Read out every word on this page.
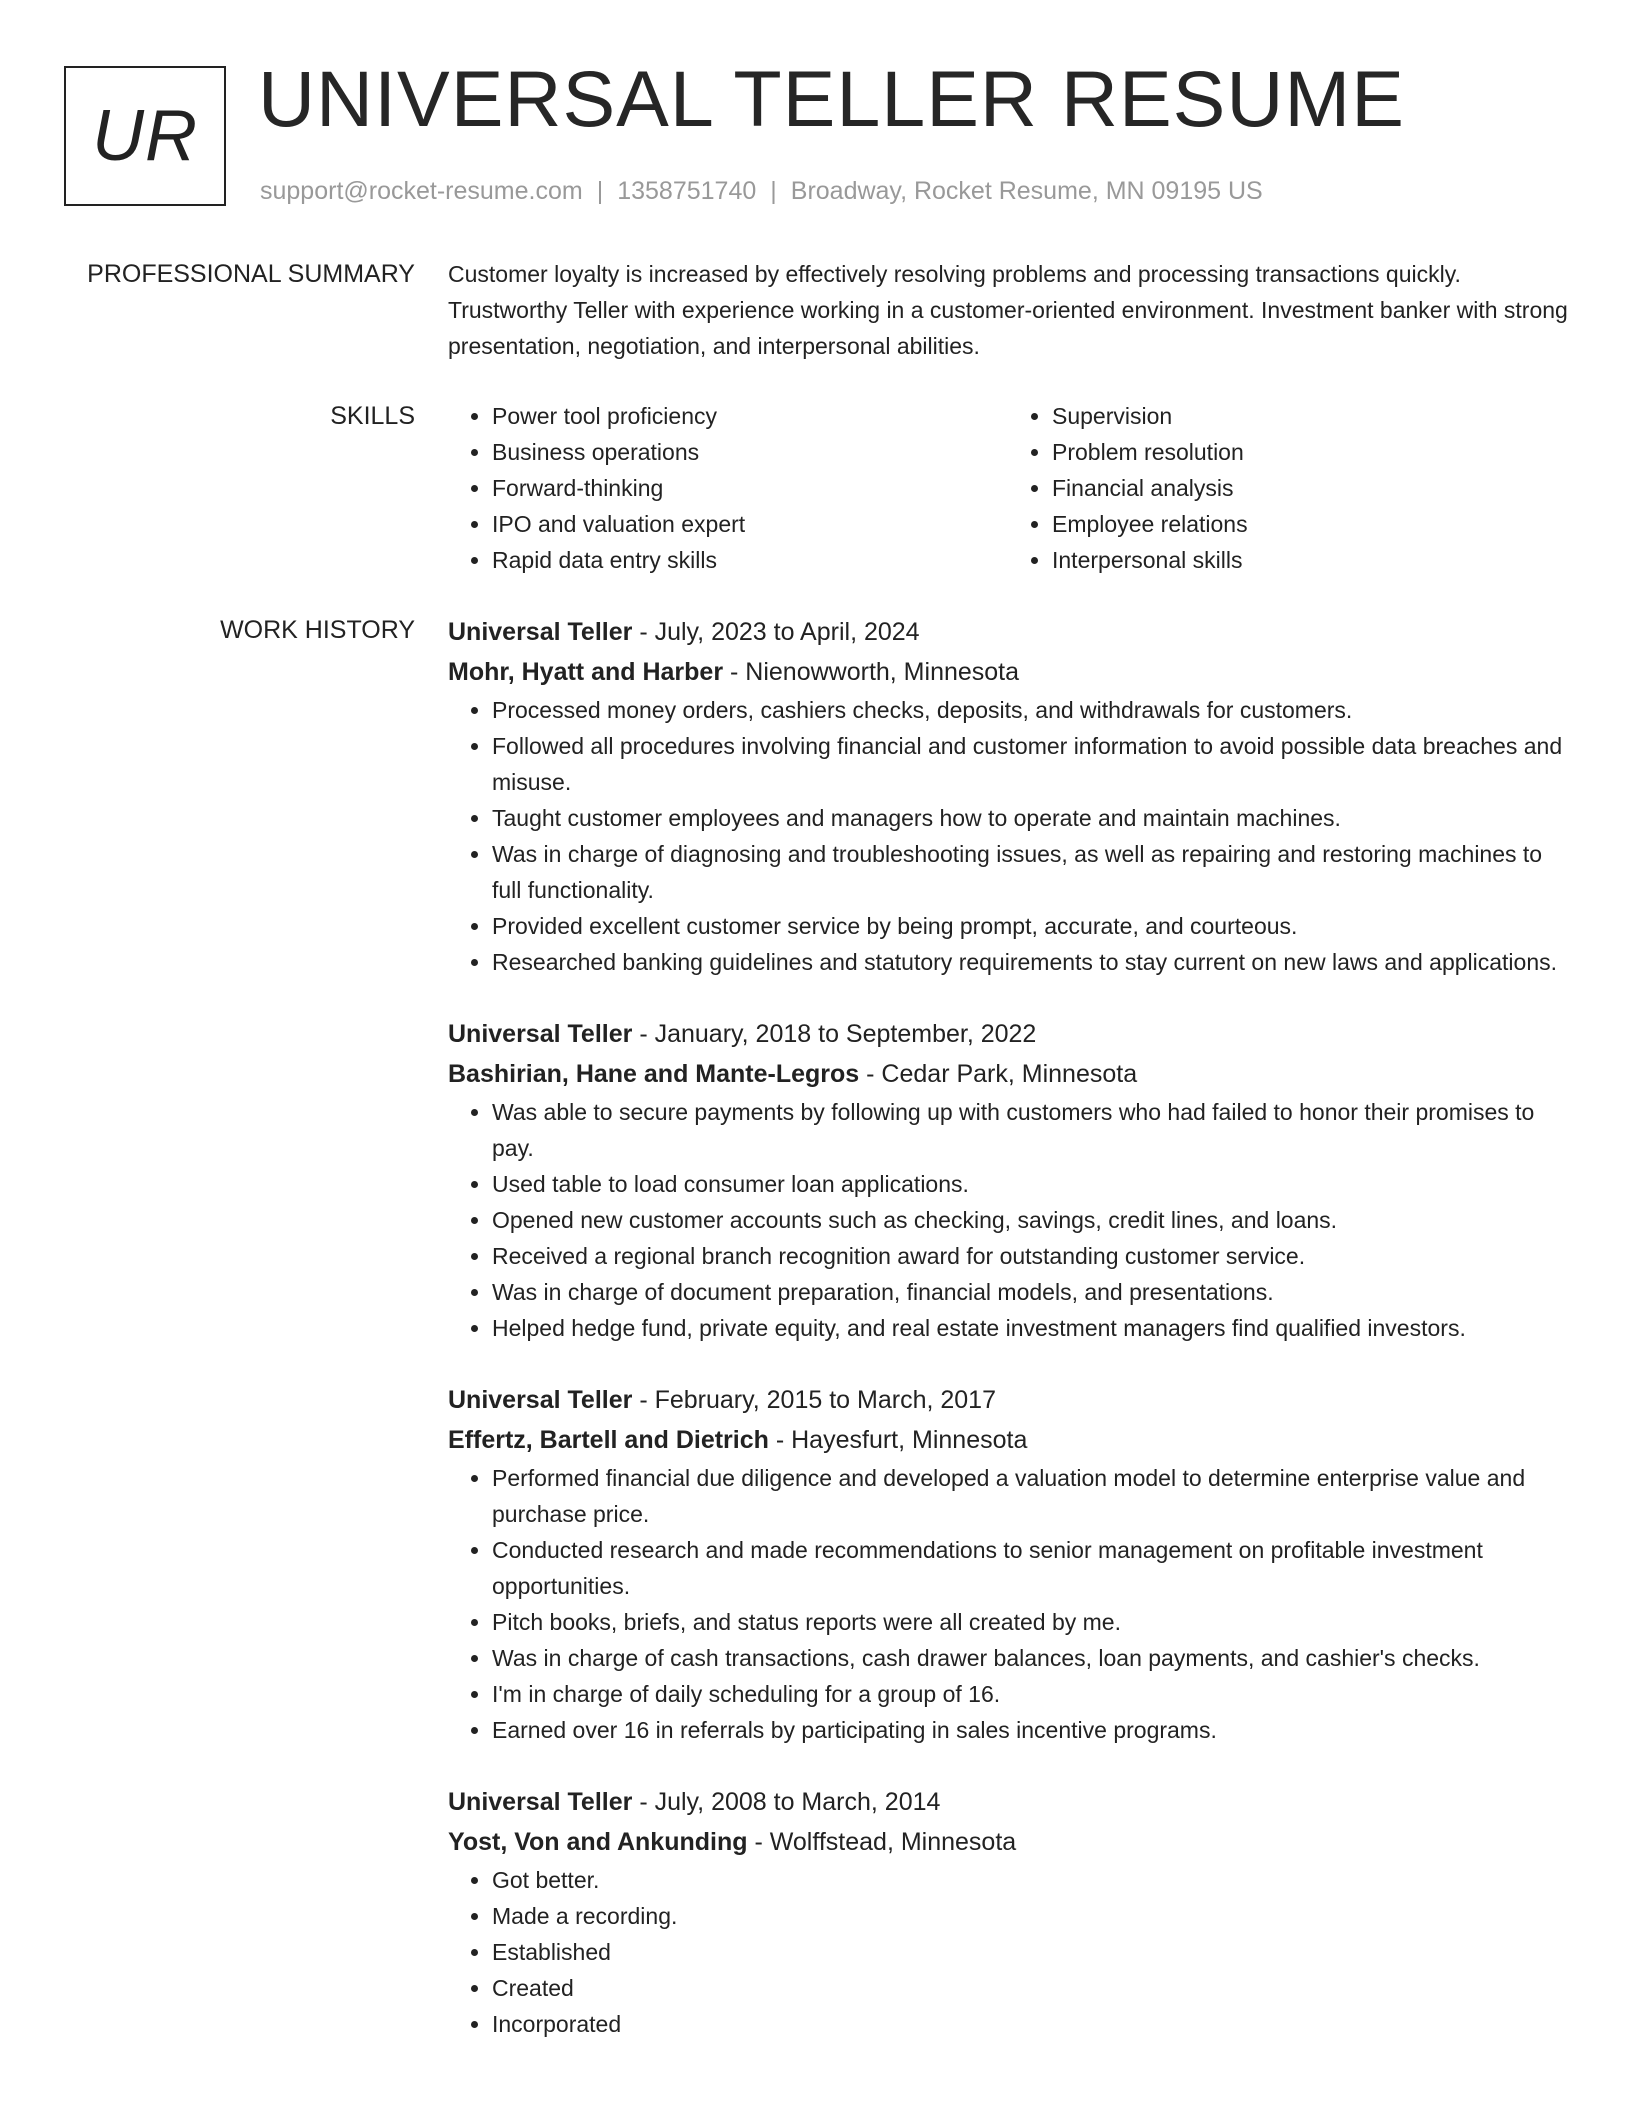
UR UNIVERSAL TELLER RESUME
support@rocket-resume.com | 1358751740 | Broadway, Rocket Resume, MN 09195 US
PROFESSIONAL SUMMARY Customer loyalty is increased by effectively resolving problems and processing transactions quickly. Trustworthy Teller with experience working in a customer-oriented environment. Investment banker with strong presentation, negotiation, and interpersonal abilities.

SKILLS
•	Power tool proficiency
• Business operations
• Forward-thinking
• IPO and valuation expert
• Rapid data entry skills
• Supervision
• Problem resolution
• Financial analysis
• Employee relations
• Interpersonal skills
WORK HISTORY Universal Teller - July, 2023 to April, 2024
Mohr, Hyatt and Harber - Nienowworth, Minnesota
• Processed money orders, cashiers checks, deposits, and withdrawals for customers.
• Followed all procedures involving financial and customer information to avoid possible data breaches and misuse.
• Taught customer employees and managers how to operate and maintain machines.
• Was in charge of diagnosing and troubleshooting issues, as well as repairing and restoring machines to full functionality.
• Provided excellent customer service by being prompt, accurate, and courteous.
• Researched banking guidelines and statutory requirements to stay current on new laws and applications.
Universal Teller - January, 2018 to September, 2022
Bashirian, Hane and Mante-Legros - Cedar Park, Minnesota
• Was able to secure payments by following up with customers who had failed to honor their promises to pay.
• Used table to load consumer loan applications.
• Opened new customer accounts such as checking, savings, credit lines, and loans.
• Received a regional branch recognition award for outstanding customer service.
• Was in charge of document preparation, financial models, and presentations.
• Helped hedge fund, private equity, and real estate investment managers find qualified investors.
Universal Teller - February, 2015 to March, 2017
Effertz, Bartell and Dietrich - Hayesfurt, Minnesota
• Performed financial due diligence and developed a valuation model to determine enterprise value and purchase price.
• Conducted research and made recommendations to senior management on profitable investment opportunities.
• Pitch books, briefs, and status reports were all created by me.
• Was in charge of cash transactions, cash drawer balances, loan payments, and cashier's checks.
• I'm in charge of daily scheduling for a group of 16.
• Earned over 16 in referrals by participating in sales incentive programs.
Universal Teller - July, 2008 to March, 2014
Yost, Von and Ankunding - Wolffstead, Minnesota
• Got better.
• Made a recording.
• Established
• Created
• Incorporated
